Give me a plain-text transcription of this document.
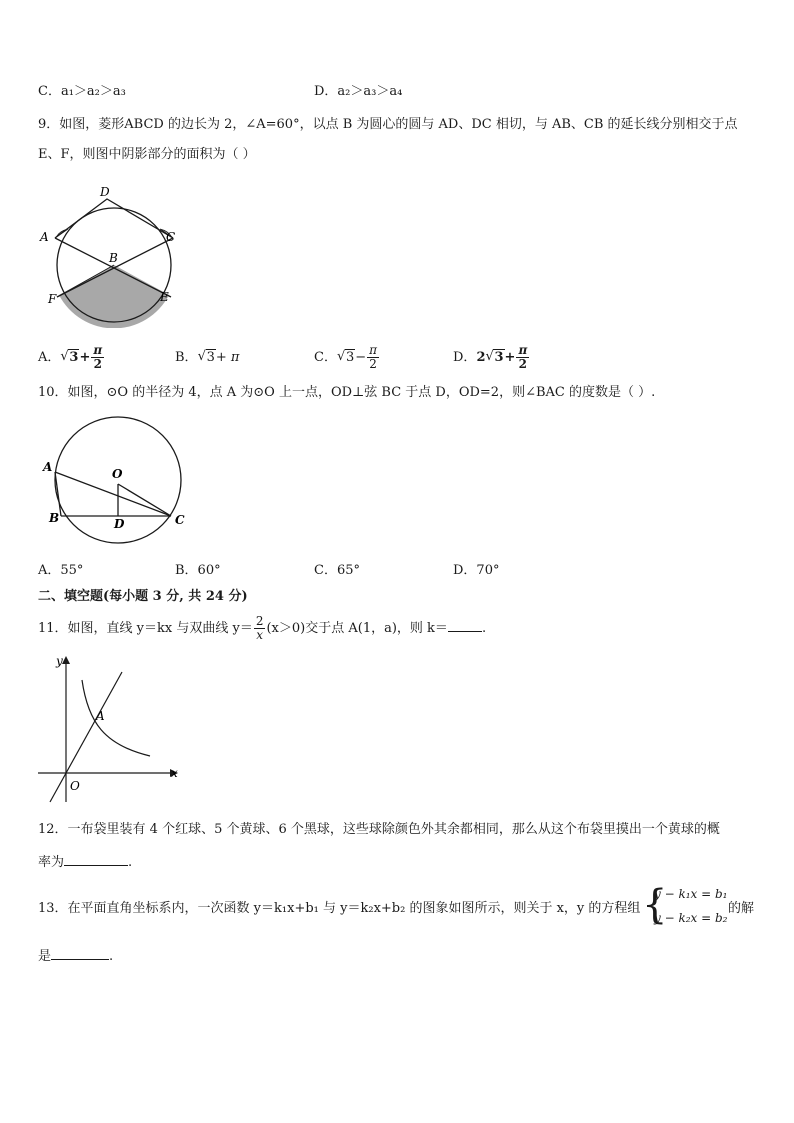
C．a₁＞a₂＞a₃	D．a₂＞a₃＞a₄
9．如图，菱形ABCD 的边长为 2，∠A=60°，以点 B 为圆心的圆与 AD、DC 相切，与 AB、CB 的延长线分别相交于点
E、F，则图中阴影部分的面积为（ ）
D
A	C
B
F	E
A． √ $3+ \frac{\pi}{2}$	B． √ 3+ π	C． √ $3- \frac{\pi}{2}$	D．2 √ $3+ \frac{\pi}{2}$
10．如图，⊙O 的半径为 4，点 A 为⊙O 上一点，OD⊥弦 BC 于点 D，OD=2，则∠BAC 的度数是（ ）.
A	O
B	D	C
A．55°	B．60°	C．65°	D．70°
二、填空题(每小题 3 分, 共 24 分)
11．如图，直线 y＝kx 与双曲线 $y= \frac{2}{x} (x>0)$交于点 A(1，a)，则 k＝	.
y
x
O
A
12．一布袋里装有 4 个红球、5 个黄球、6 个黑球，这些球除颜色外其余都相同，那么从这个布袋里摸出一个黄球的概
率为	.
13．在平面直角坐标系内，一次函数 y＝k₁x+b₁ 与 y＝k₂x+b₂ 的图象如图所示，则关于 x，y 的方程组 {
y − k₁x = b₁
y − k₂x = b₂
的解
是	.
